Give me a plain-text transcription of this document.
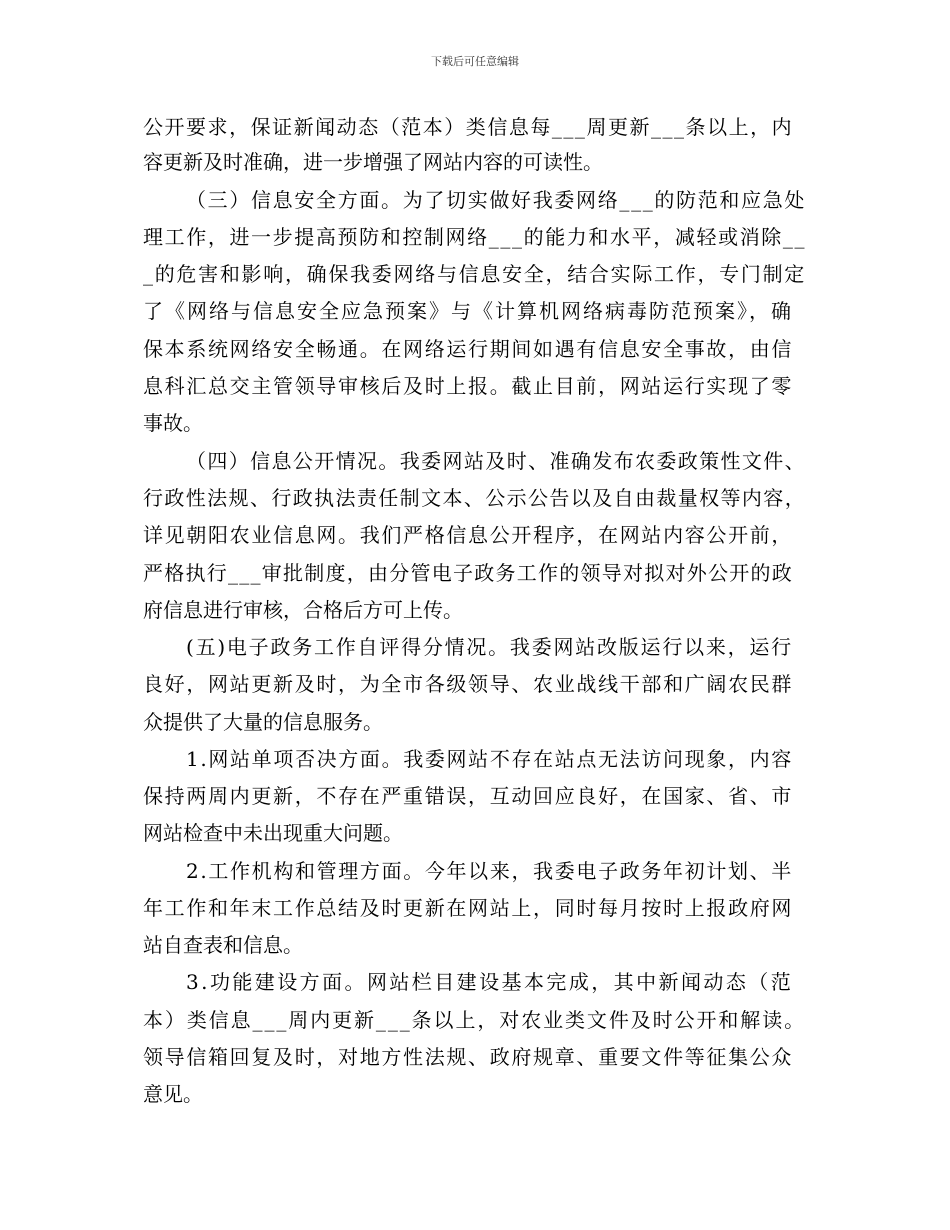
下载后可任意编辑
公开要求，保证新闻动态（范本）类信息每___周更新___条以上，内
容更新及时准确，进一步增强了网站内容的可读性。
（三）信息安全方面。为了切实做好我委网络___的防范和应急处
理工作，进一步提高预防和控制网络___的能力和水平，减轻或消除__
_的危害和影响，确保我委网络与信息安全，结合实际工作，专门制定
了《网络与信息安全应急预案》与《计算机网络病毒防范预案》，确
保本系统网络安全畅通。在网络运行期间如遇有信息安全事故，由信
息科汇总交主管领导审核后及时上报。截止目前，网站运行实现了零
事故。
（四）信息公开情况。我委网站及时、准确发布农委政策性文件、
行政性法规、行政执法责任制文本、公示公告以及自由裁量权等内容，
详见朝阳农业信息网。我们严格信息公开程序，在网站内容公开前，
严格执行___审批制度，由分管电子政务工作的领导对拟对外公开的政
府信息进行审核，合格后方可上传。
(五)电子政务工作自评得分情况。我委网站改版运行以来，运行
良好，网站更新及时，为全市各级领导、农业战线干部和广阔农民群
众提供了大量的信息服务。
1.网站单项否决方面。我委网站不存在站点无法访问现象，内容
保持两周内更新，不存在严重错误，互动回应良好，在国家、省、市
网站检查中未出现重大问题。
2.工作机构和管理方面。今年以来，我委电子政务年初计划、半
年工作和年末工作总结及时更新在网站上，同时每月按时上报政府网
站自查表和信息。
3.功能建设方面。网站栏目建设基本完成，其中新闻动态（范
本）类信息___周内更新___条以上，对农业类文件及时公开和解读。
领导信箱回复及时，对地方性法规、政府规章、重要文件等征集公众
意见。
